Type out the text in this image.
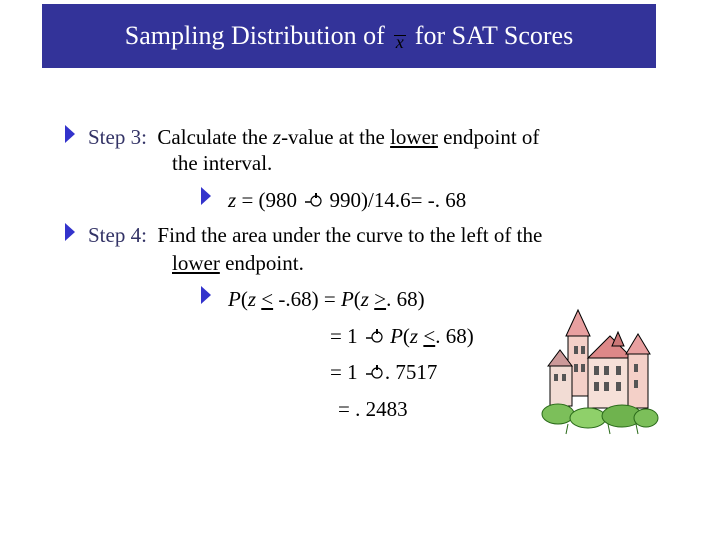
Sampling Distribution of x for SAT Scores
Step 3: Calculate the z-value at the lower endpoint of
the interval.
z = (980  990)/14.6= -. 68
Step 4: Find the area under the curve to the left of the
lower endpoint.
P(z < -.68) = P(z >. 68)
= 1  P(z <. 68)
= 1 . 7517
= . 2483
